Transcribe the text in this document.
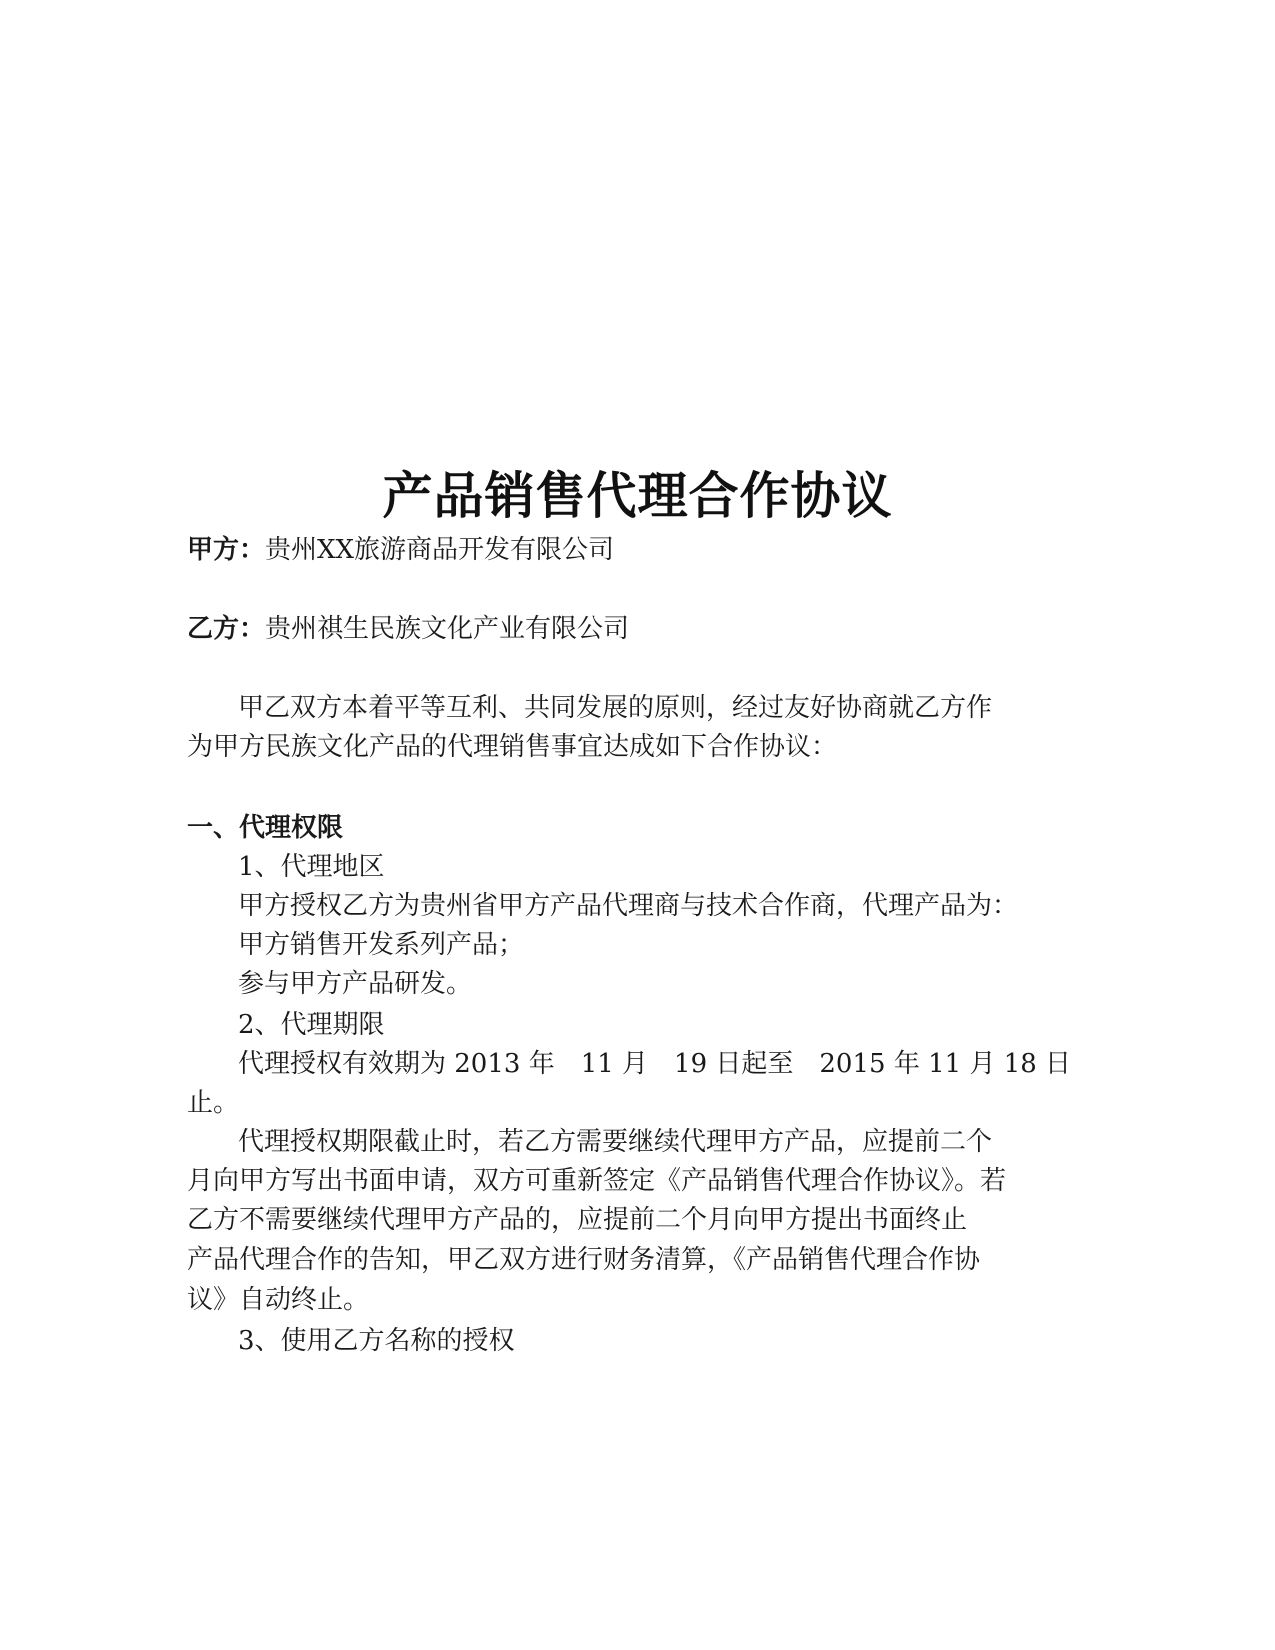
产品销售代理合作协议
甲方：贵州XX旅游商品开发有限公司
乙方：贵州祺生民族文化产业有限公司
甲乙双方本着平等互利、共同发展的原则，经过友好协商就乙方作
为甲方民族文化产品的代理销售事宜达成如下合作协议：
一、代理权限
1、代理地区
甲方授权乙方为贵州省甲方产品代理商与技术合作商，代理产品为：
甲方销售开发系列产品；
参与甲方产品研发。
2、代理期限
代理授权有效期为 2013 年　11 月　19 日起至　2015 年 11 月 18 日
止。
代理授权期限截止时，若乙方需要继续代理甲方产品，应提前二个
月向甲方写出书面申请，双方可重新签定《产品销售代理合作协议》。若
乙方不需要继续代理甲方产品的，应提前二个月向甲方提出书面终止
产品代理合作的告知，甲乙双方进行财务清算，《产品销售代理合作协
议》自动终止。
3、使用乙方名称的授权
